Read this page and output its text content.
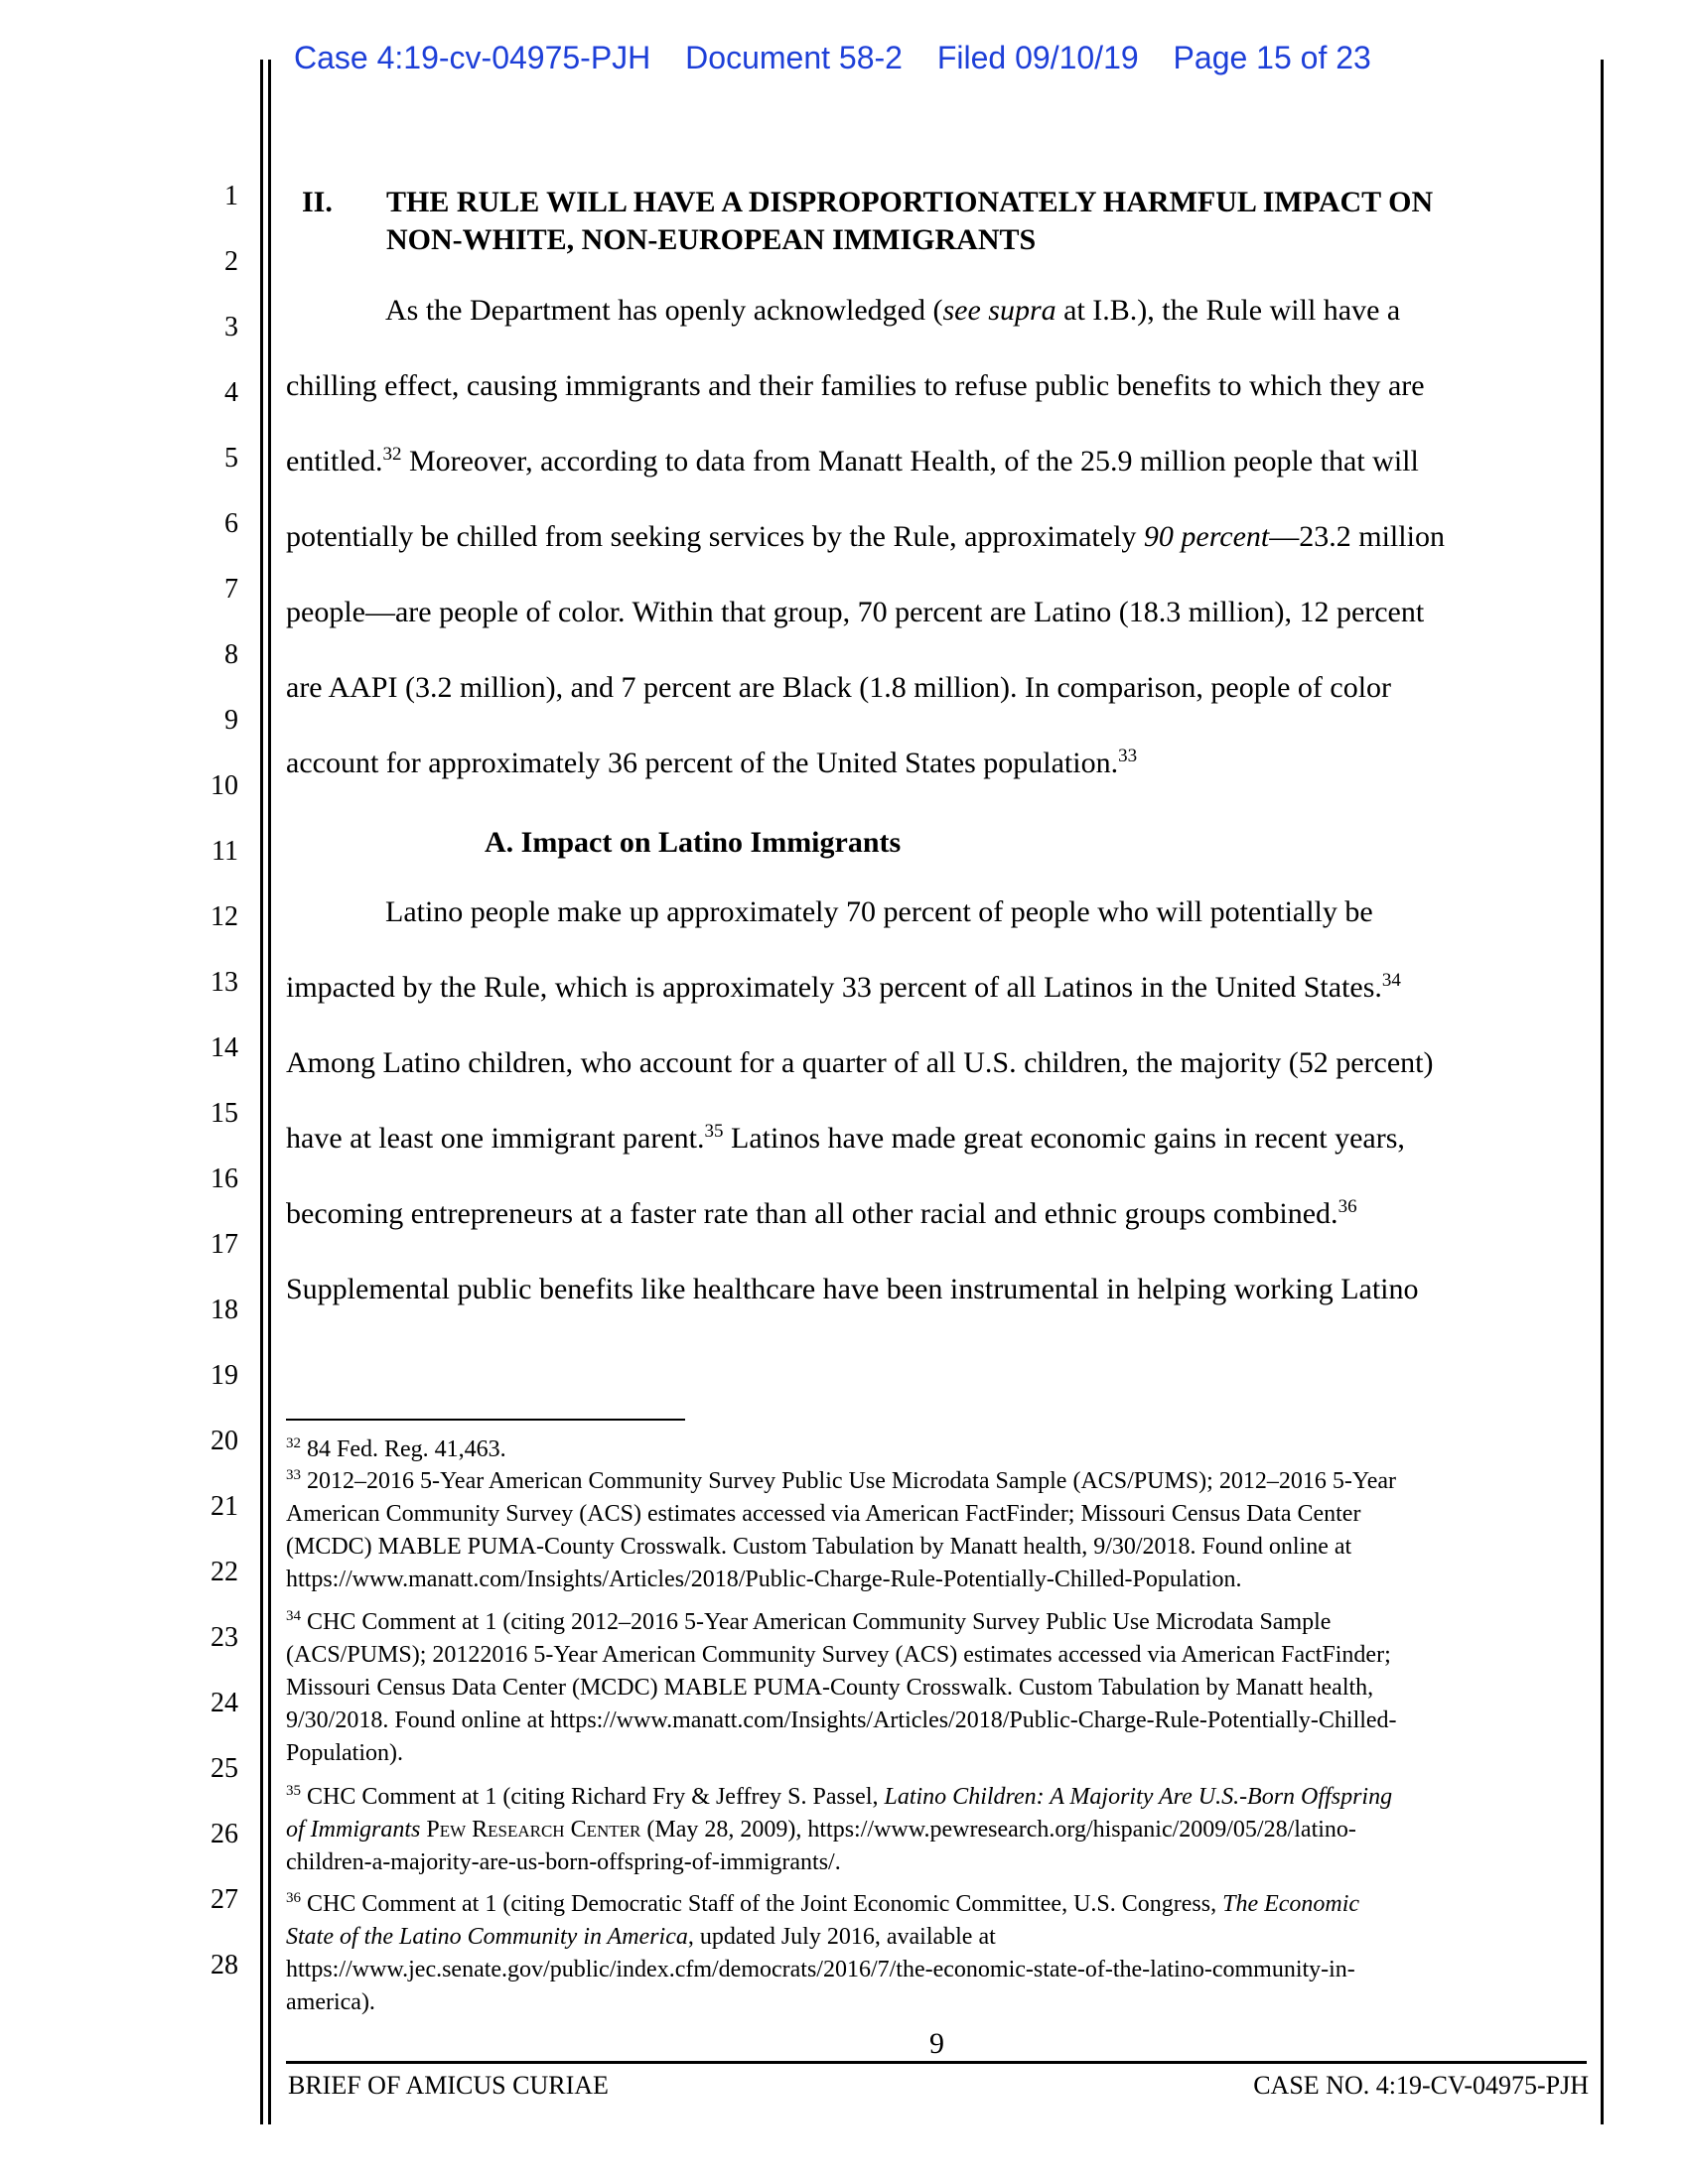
Case 4:19-cv-04975-PJH Document 58-2 Filed 09/10/19 Page 15 of 23
1
2
3
4
5
6
7
8
9
10
11
12
13
14
15
16
17
18
19
20
21
22
23
24
25
26
27
28
II. THE RULE WILL HAVE A DISPROPORTIONATELY HARMFUL IMPACT ON
NON-WHITE, NON-EUROPEAN IMMIGRANTS
As the Department has openly acknowledged (see supra at I.B.), the Rule will have a
chilling effect, causing immigrants and their families to refuse public benefits to which they are
entitled.$^{32}$ Moreover, according to data from Manatt Health, of the 25.9 million people that will
potentially be chilled from seeking services by the Rule, approximately 90 percent—23.2 million
people—are people of color. Within that group, 70 percent are Latino (18.3 million), 12 percent
are AAPI (3.2 million), and 7 percent are Black (1.8 million). In comparison, people of color
account for approximately 36 percent of the United States population.$^{33}$
A. Impact on Latino Immigrants
Latino people make up approximately 70 percent of people who will potentially be
impacted by the Rule, which is approximately 33 percent of all Latinos in the United States.$^{34}$
Among Latino children, who account for a quarter of all U.S. children, the majority (52 percent)
have at least one immigrant parent.$^{35}$ Latinos have made great economic gains in recent years,
becoming entrepreneurs at a faster rate than all other racial and ethnic groups combined.$^{36}$
Supplemental public benefits like healthcare have been instrumental in helping working Latino
$^{32}$ 84 Fed. Reg. 41,463.
$^{33}$ 2012–2016 5-Year American Community Survey Public Use Microdata Sample (ACS/PUMS); 2012–2016 5-Year
American Community Survey (ACS) estimates accessed via American FactFinder; Missouri Census Data Center
(MCDC) MABLE PUMA-County Crosswalk. Custom Tabulation by Manatt health, 9/30/2018. Found online at
https://www.manatt.com/Insights/Articles/2018/Public-Charge-Rule-Potentially-Chilled-Population.
$^{34}$ CHC Comment at 1 (citing 2012–2016 5-Year American Community Survey Public Use Microdata Sample
(ACS/PUMS); 20122016 5-Year American Community Survey (ACS) estimates accessed via American FactFinder;
Missouri Census Data Center (MCDC) MABLE PUMA-County Crosswalk. Custom Tabulation by Manatt health,
9/30/2018. Found online at https://www.manatt.com/Insights/Articles/2018/Public-Charge-Rule-Potentially-Chilled-
Population).
$^{35}$ CHC Comment at 1 (citing Richard Fry & Jeffrey S. Passel, Latino Children: A Majority Are U.S.-Born Offspring
of Immigrants Pew Research Center (May 28, 2009), https://www.pewresearch.org/hispanic/2009/05/28/latino-
children-a-majority-are-us-born-offspring-of-immigrants/.
$^{36}$ CHC Comment at 1 (citing Democratic Staff of the Joint Economic Committee, U.S. Congress, The Economic
State of the Latino Community in America, updated July 2016, available at
https://www.jec.senate.gov/public/index.cfm/democrats/2016/7/the-economic-state-of-the-latino-community-in-
america).
9
BRIEF OF AMICUS CURIAE	CASE NO. 4:19-CV-04975-PJH
